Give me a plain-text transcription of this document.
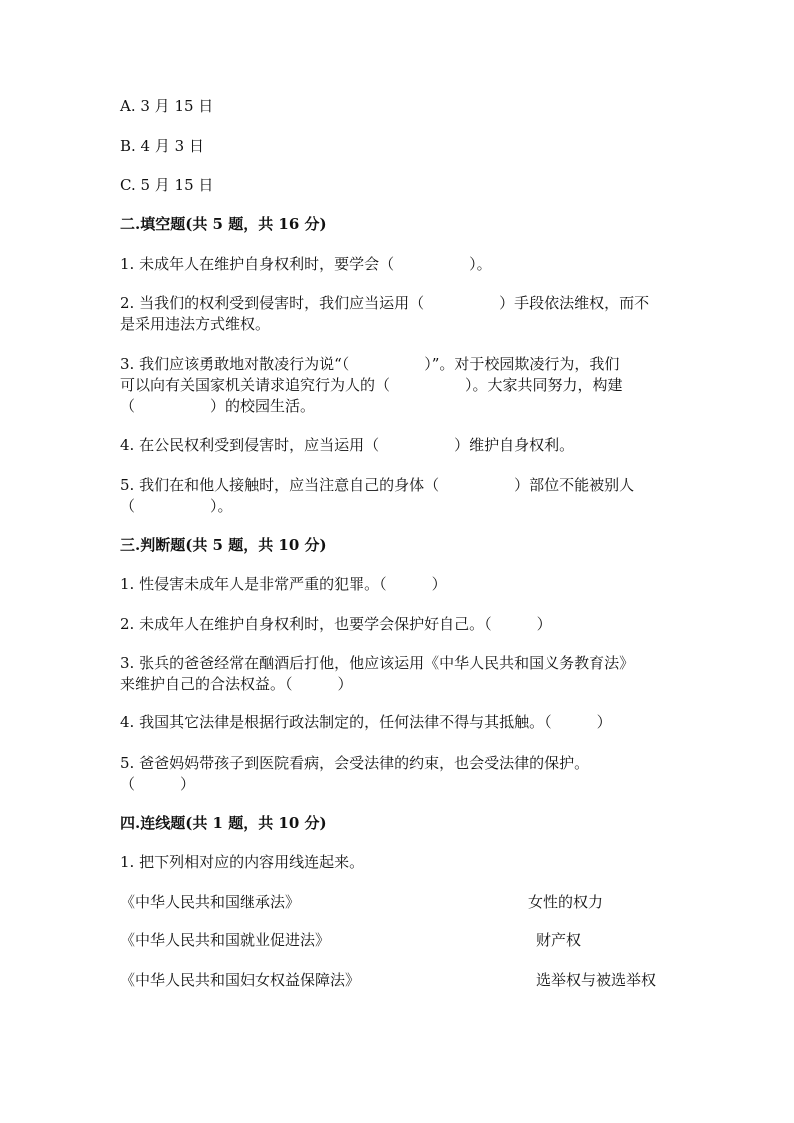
A. 3 月 15 日
B. 4 月 3 日
C. 5 月 15 日
二.填空题(共 5 题，共 16 分)
1. 未成年人在维护自身权利时，要学会（　　　　　）。
2. 当我们的权利受到侵害时，我们应当运用（　　　　　）手段依法维权，而不
是采用违法方式维权。
3. 我们应该勇敢地对散凌行为说“（　　　　　）”。对于校园欺凌行为，我们
可以向有关国家机关请求追究行为人的（　　　　　）。大家共同努力，构建
（　　　　　）的校园生活。
4. 在公民权利受到侵害时，应当运用（　　　　　）维护自身权利。
5. 我们在和他人接触时，应当注意自己的身体（　　　　　）部位不能被别人
（　　　　　）。
三.判断题(共 5 题，共 10 分)
1. 性侵害未成年人是非常严重的犯罪。（　　　）
2. 未成年人在维护自身权利时，也要学会保护好自己。（　　　）
3. 张兵的爸爸经常在酗酒后打他，他应该运用《中华人民共和国义务教育法》
来维护自己的合法权益。（　　　）
4. 我国其它法律是根据行政法制定的，任何法律不得与其抵触。（　　　）
5. 爸爸妈妈带孩子到医院看病，会受法律的约束，也会受法律的保护。
（　　　）
四.连线题(共 1 题，共 10 分)
1. 把下列相对应的内容用线连起来。
《中华人民共和国继承法》	女性的权力
《中华人民共和国就业促进法》	财产权
《中华人民共和国妇女权益保障法》	选举权与被选举权
